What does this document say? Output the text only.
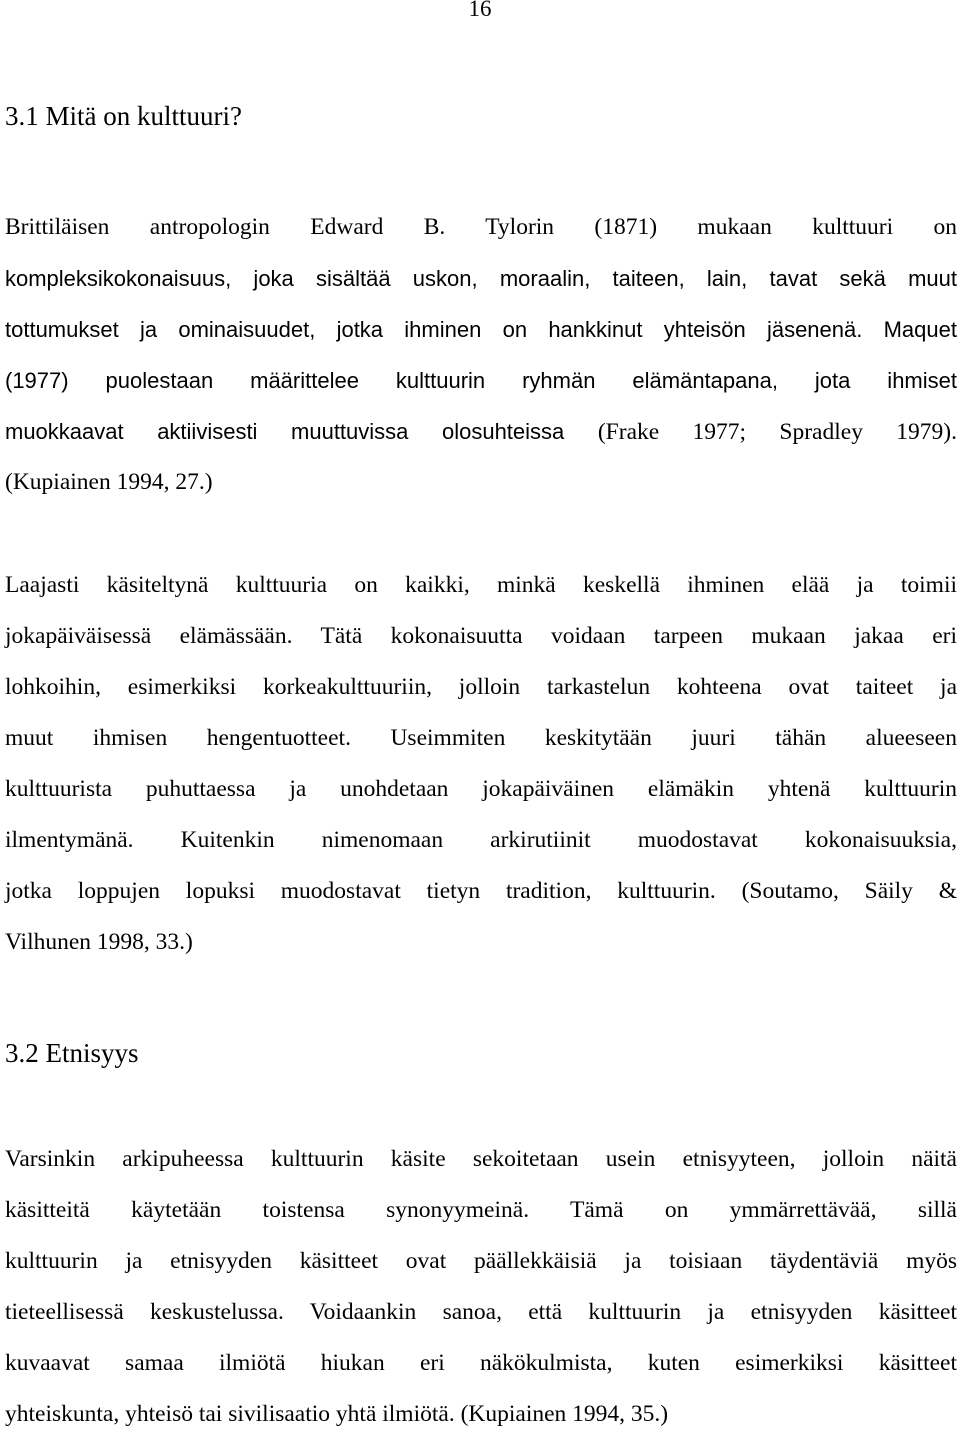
16
3.1 Mitä on kulttuuri?

Brittiläisen antropologin Edward B. Tylorin (1871) mukaan kulttuuri on
kompleksikokonaisuus, joka sisältää uskon, moraalin, taiteen, lain, tavat sekä muut
tottumukset ja ominaisuudet, jotka ihminen on hankkinut yhteisön jäsenenä. Maquet
(1977) puolestaan määrittelee kulttuurin ryhmän elämäntapana, jota ihmiset
muokkaavat aktiivisesti muuttuvissa olosuhteissa (Frake 1977; Spradley 1979).
(Kupiainen 1994, 27.)

Laajasti käsiteltynä kulttuuria on kaikki, minkä keskellä ihminen elää ja toimii
jokapäiväisessä elämässään. Tätä kokonaisuutta voidaan tarpeen mukaan jakaa eri
lohkoihin, esimerkiksi korkeakulttuuriin, jolloin tarkastelun kohteena ovat taiteet ja
muut ihmisen hengentuotteet. Useimmiten keskitytään juuri tähän alueeseen
kulttuurista puhuttaessa ja unohdetaan jokapäiväinen elämäkin yhtenä kulttuurin
ilmentymänä. Kuitenkin nimenomaan arkirutiinit muodostavat kokonaisuuksia,
jotka loppujen lopuksi muodostavat tietyn tradition, kulttuurin. (Soutamo, Säily &
Vilhunen 1998, 33.)

3.2 Etnisyys

Varsinkin arkipuheessa kulttuurin käsite sekoitetaan usein etnisyyteen, jolloin näitä
käsitteitä käytetään toistensa synonyymeinä. Tämä on ymmärrettävää, sillä
kulttuurin ja etnisyyden käsitteet ovat päällekkäisiä ja toisiaan täydentäviä myös
tieteellisessä keskustelussa. Voidaankin sanoa, että kulttuurin ja etnisyyden käsitteet
kuvaavat samaa ilmiötä hiukan eri näkökulmista, kuten esimerkiksi käsitteet
yhteiskunta, yhteisö tai sivilisaatio yhtä ilmiötä. (Kupiainen 1994, 35.)
